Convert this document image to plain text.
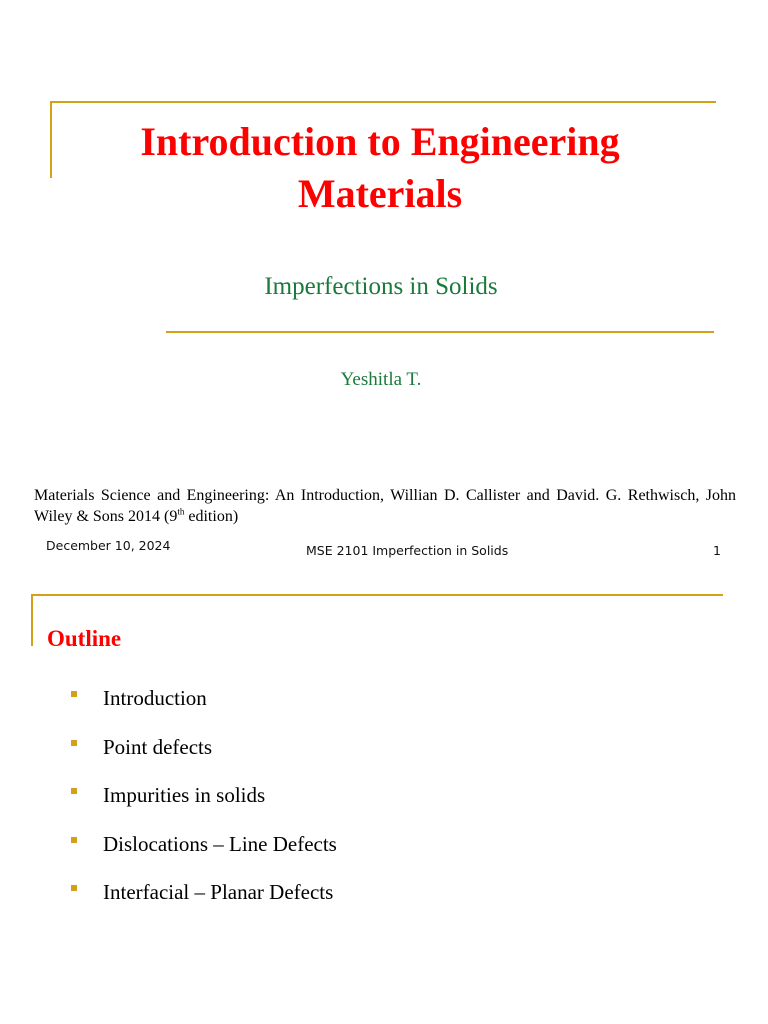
Introduction to Engineering Materials
Imperfections in Solids
Yeshitla T.
Materials Science and Engineering: An Introduction, Willian D. Callister and David. G. Rethwisch, John Wiley & Sons 2014 (9th edition)
December 10, 2024	MSE 2101 Imperfection in Solids	1
Outline
Introduction
Point defects
Impurities in solids
Dislocations – Line Defects
Interfacial – Planar Defects
